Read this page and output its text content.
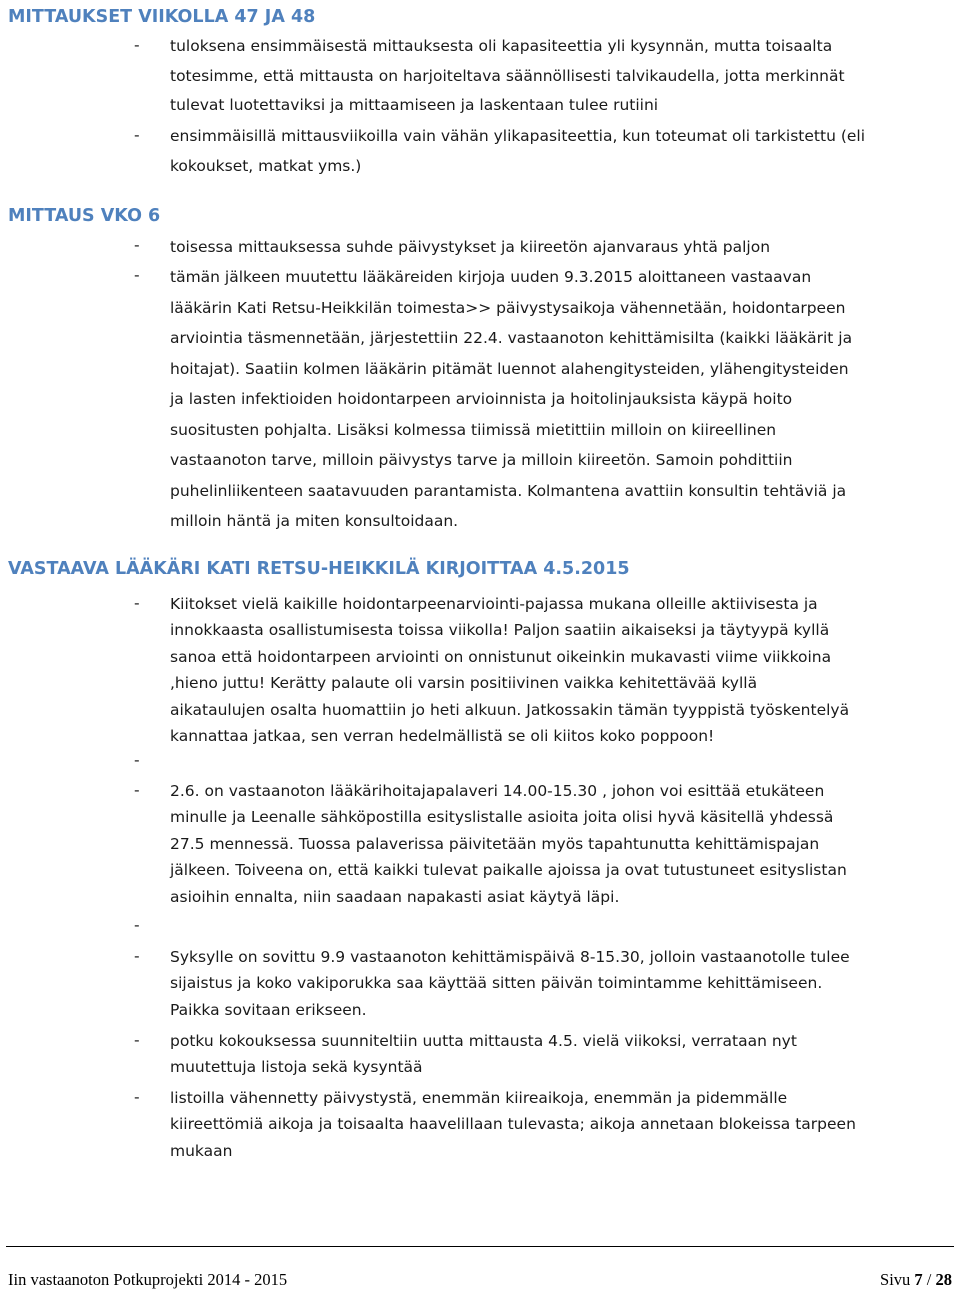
MITTAUKSET VIIKOLLA 47 JA 48
- tuloksena ensimmäisestä mittauksesta oli kapasiteettia yli kysynnän, mutta toisaalta
totesimme, että mittausta on harjoiteltava säännöllisesti talvikaudella, jotta merkinnät
tulevat luotettaviksi ja mittaamiseen ja laskentaan tulee rutiini
- ensimmäisillä mittausviikoilla vain vähän ylikapasiteettia, kun toteumat oli tarkistettu (eli
kokoukset, matkat yms.)
MITTAUS VKO 6
- toisessa mittauksessa suhde päivystykset ja kiireetön ajanvaraus yhtä paljon
- tämän jälkeen muutettu lääkäreiden kirjoja uuden 9.3.2015 aloittaneen vastaavan
lääkärin Kati Retsu-Heikkilän toimesta>> päivystysaikoja vähennetään, hoidontarpeen
arviointia täsmennetään, järjestettiin 22.4. vastaanoton kehittämisilta (kaikki lääkärit ja
hoitajat). Saatiin kolmen lääkärin pitämät luennot alahengitysteiden, ylähengitysteiden
ja lasten infektioiden hoidontarpeen arvioinnista ja hoitolinjauksista käypä hoito
suositusten pohjalta. Lisäksi kolmessa tiimissä mietittiin milloin on kiireellinen
vastaanoton tarve, milloin päivystys tarve ja milloin kiireetön. Samoin pohdittiin
puhelinliikenteen saatavuuden parantamista. Kolmantena avattiin konsultin tehtäviä ja
milloin häntä ja miten konsultoidaan.
VASTAAVA LÄÄKÄRI KATI RETSU-HEIKKILÄ KIRJOITTAA 4.5.2015
- Kiitokset vielä kaikille hoidontarpeenarviointi-pajassa mukana olleille aktiivisesta ja
innokkaasta osallistumisesta toissa viikolla! Paljon saatiin aikaiseksi ja täytyypä kyllä
sanoa että hoidontarpeen arviointi on onnistunut oikeinkin mukavasti viime viikkoina
,hieno juttu! Kerätty palaute oli varsin positiivinen vaikka kehitettävää kyllä
aikataulujen osalta huomattiin jo heti alkuun. Jatkossakin tämän tyyppistä työskentelyä
kannattaa jatkaa, sen verran hedelmällistä se oli kiitos koko poppoon!
-
- 2.6. on vastaanoton lääkärihoitajapalaveri 14.00-15.30 , johon voi esittää etukäteen
minulle ja Leenalle sähköpostilla esityslistalle asioita joita olisi hyvä käsitellä yhdessä
27.5 mennessä. Tuossa palaverissa päivitetään myös tapahtunutta kehittämispajan
jälkeen. Toiveena on, että kaikki tulevat paikalle ajoissa ja ovat tutustuneet esityslistan
asioihin ennalta, niin saadaan napakasti asiat käytyä läpi.
-
- Syksylle on sovittu 9.9 vastaanoton kehittämispäivä 8-15.30, jolloin vastaanotolle tulee
sijaistus ja koko vakiporukka saa käyttää sitten päivän toimintamme kehittämiseen.
Paikka sovitaan erikseen.
- potku kokouksessa suunniteltiin uutta mittausta 4.5. vielä viikoksi, verrataan nyt
muutettuja listoja sekä kysyntää
- listoilla vähennetty päivystystä, enemmän kiireaikoja, enemmän ja pidemmälle
kiireettömiä aikoja ja toisaalta haavelillaan tulevasta; aikoja annetaan blokeissa tarpeen
mukaan
Iin vastaanoton Potkuprojekti 2014 - 2015	Sivu 7 / 28
